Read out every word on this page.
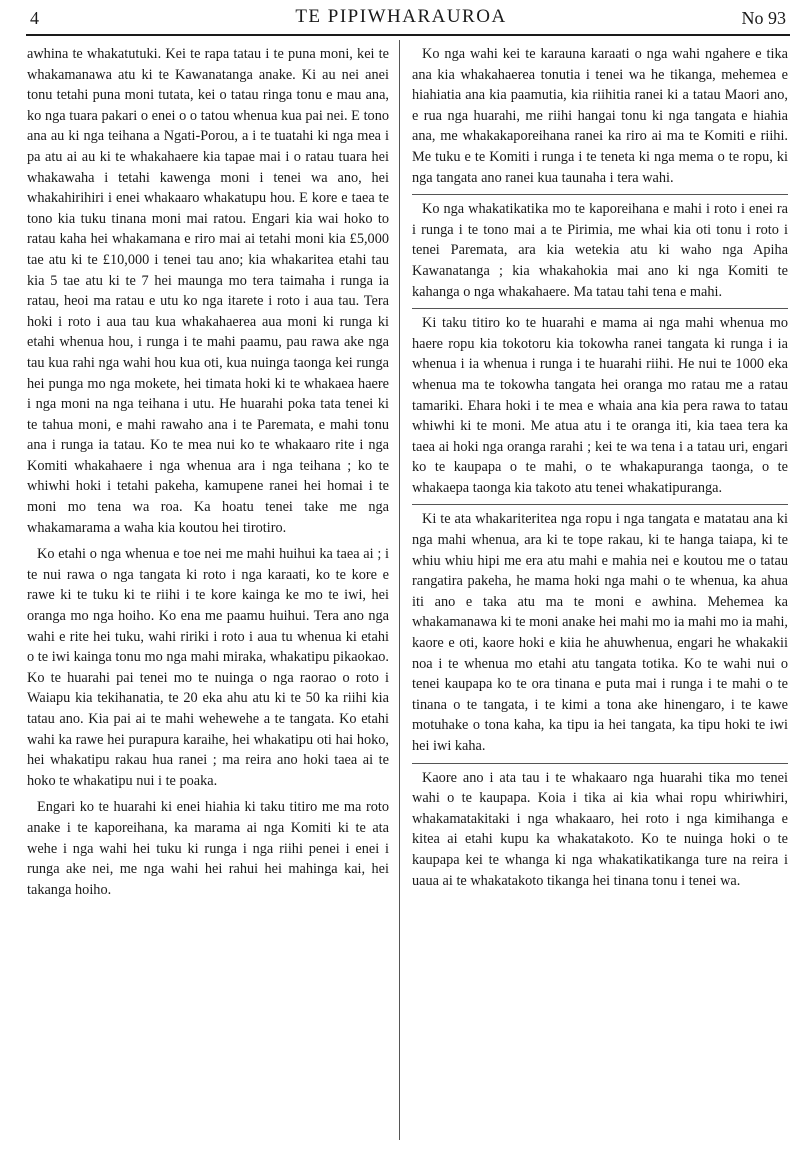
4	TE PIPIWHARAUROA	No 93

awhina te whakatutuki. Kei te rapa tatau i te puna moni, kei te whakamanawa atu ki te Kawanatanga anake. Ki au nei anei tonu tetahi puna moni tutata, kei o tatau ringa tonu e mau ana, ko nga tuara pakari o enei o o tatou whenua kua pai nei. E tono ana au ki nga teihana a Ngati-Porou, a i te tuatahi ki nga mea i pa atu ai au ki te whakahaere kia tapae mai i o ratau tuara hei whakawaha i tetahi kawenga moni i tenei wa ano, hei whakahirihiri i enei whakaaro whakatupu hou. E kore e taea te tono kia tuku tinana moni mai ratou. Engari kia wai hoko to ratau kaha hei whakamana e riro mai ai tetahi moni kia £5,000 tae atu ki te £10,000 i tenei tau ano; kia whakaritea etahi tau kia 5 tae atu ki te 7 hei maunga mo tera taimaha i runga ia ratau, heoi ma ratau e utu ko nga itarete i roto i aua tau. Tera hoki i roto i aua tau kua whakahaerea aua moni ki runga ki etahi whenua hou, i runga i te mahi paamu, pau rawa ake nga tau kua rahi nga wahi hou kua oti, kua nuinga taonga kei runga hei punga mo nga mokete, hei timata hoki ki te whakaea haere i nga moni na nga teihana i utu. He huarahi poka tata tenei ki te tahua moni, e mahi rawahо ana i te Paremata, e mahi tonu ana i runga ia tatau. Ko te mea nui ko te whakaaro rite i nga Komiti whakahaere i nga whenua ara i nga teihana ; ko te whiwhi hoki i tetahi pakeha, kamupene ranei hei homai i te moni mo tena wa roa. Ka hoatu tenei take me nga whakamarama a waha kia koutou hei tirotiro.

Ko etahi o nga whenua e toe nei me mahi huihui ka taea ai ; i te nui rawa o nga tangata ki roto i nga karaati, ko te kore e rawe ki te tuku ki te riihi i te kore kainga ke mo te iwi, hei oranga mo nga hoiho. Ko ena me paamu huihui. Tera ano nga wahi e rite hei tuku, wahi ririki i roto i aua tu whenua ki etahi o te iwi kainga tonu mo nga mahi miraka, whakatipu pikaokao. Ko te huarahi pai tenei mo te nuinga o nga raorao o roto i Waiapu kia tekihanatia, te 20 eka ahu atu ki te 50 ka riihi kia tatau ano. Kia pai ai te mahi wehewehe a te tangata. Ko etahi wahi ka rawe hei purapura karaihe, hei whakatipu oti hai hoko, hei whakatipu rakau hua ranei ; ma reira ano hoki taea ai te hoko te whakatipu nui i te poaka.

Engari ko te huarahi ki enei hiahia ki taku titiro me ma roto anake i te kaporeihana, ka marama ai nga Komiti ki te ata wehe i nga wahi hei tuku ki runga i nga riihi penei i enei i runga ake nei, me nga wahi hei rahui hei mahinga kai, hei takanga hoiho.

Ko nga wahi kei te karauna karaati o nga wahi ngahere e tika ana kia whakahaerea tonutia i tenei wa he tikanga, mehemea e hiahiatia ana kia paamutia, kia riihitia ranei ki a tatau Maori ano, e rua nga huarahi, me riihi hangai tonu ki nga tangata e hiahia ana, me whakakaporeihana ranei ka riro ai ma te Komiti e riihi. Me tuku e te Komiti i runga i te teneta ki nga mema o te ropu, ki nga tangata ano ranei kua taunaha i tera wahi.

Ko nga whakatikatika mo te kaporeihana e mahi i roto i enei ra i runga i te tono mai a te Pirimia, me whai kia oti tonu i roto i tenei Paremata, ara kia wetekia atu ki waho nga Apiha Kawanatanga ; kia whakahokia mai ano ki nga Komiti te kahanga o nga whakahaere. Ma tatau tahi tena e mahi.

Ki taku titiro ko te huarahi e mama ai nga mahi whenua mo haere ropu kia tokotoru kia tokowha ranei tangata ki runga i ia whenua i ia whenua i runga i te huarahi riihi. He nui te 1000 eka whenua ma te tokowha tangata hei oranga mo ratau me a ratau tamariki. Ehara hoki i te mea e whaia ana kia pera rawa to tatau whiwhi ki te moni. Me atua atu i te oranga iti, kia taea tera ka taea ai hoki nga oranga rarahi ; kei te wa tena i a tatau uri, engari ko te kaupapa o te mahi, o te whakapuranga taonga, o te whakaepa taonga kia takoto atu tenei whakatipuranga.

Ki te ata whakariteritea nga ropu i nga tangata e matatau ana ki nga mahi whenua, ara ki te tope rakau, ki te hanga taiapa, ki te whiu whiu hipi me era atu mahi e mahia nei e koutou me o tatau rangatira pakeha, he mama hoki nga mahi o te whenua, ka ahua iti ano e taka atu ma te moni e awhina. Mehemea ka whakamanawa ki te moni anake hei mahi mo ia mahi mo ia mahi, kaore e oti, kaore hoki e kiia he ahuwhenua, engari he whakakii noa i te whenua mo etahi atu tangata totika. Ko te wahi nui o tenei kaupapa ko te ora tinana e puta mai i runga i te mahi o te tinana o te tangata, i te kimi a tona ake hinengaro, i te kawe motuhake o tona kaha, ka tipu ia hei tangata, ka tipu hoki te iwi hei iwi kaha.

Kaore ano i ata tau i te whakaaro nga huarahi tika mo tenei wahi o te kaupapa. Koia i tika ai kia whai ropu whiriwhiri, whakamatakitaki i nga whakaaro, hei roto i nga kimihanga e kitea ai etahi kupu ka whakatakoto. Ko te nuinga hoki o te kaupapa kei te whanga ki nga whakatikatikanga ture na reira i uaua ai te whakatakoto tikanga hei tinana tonu i tenei wa.
